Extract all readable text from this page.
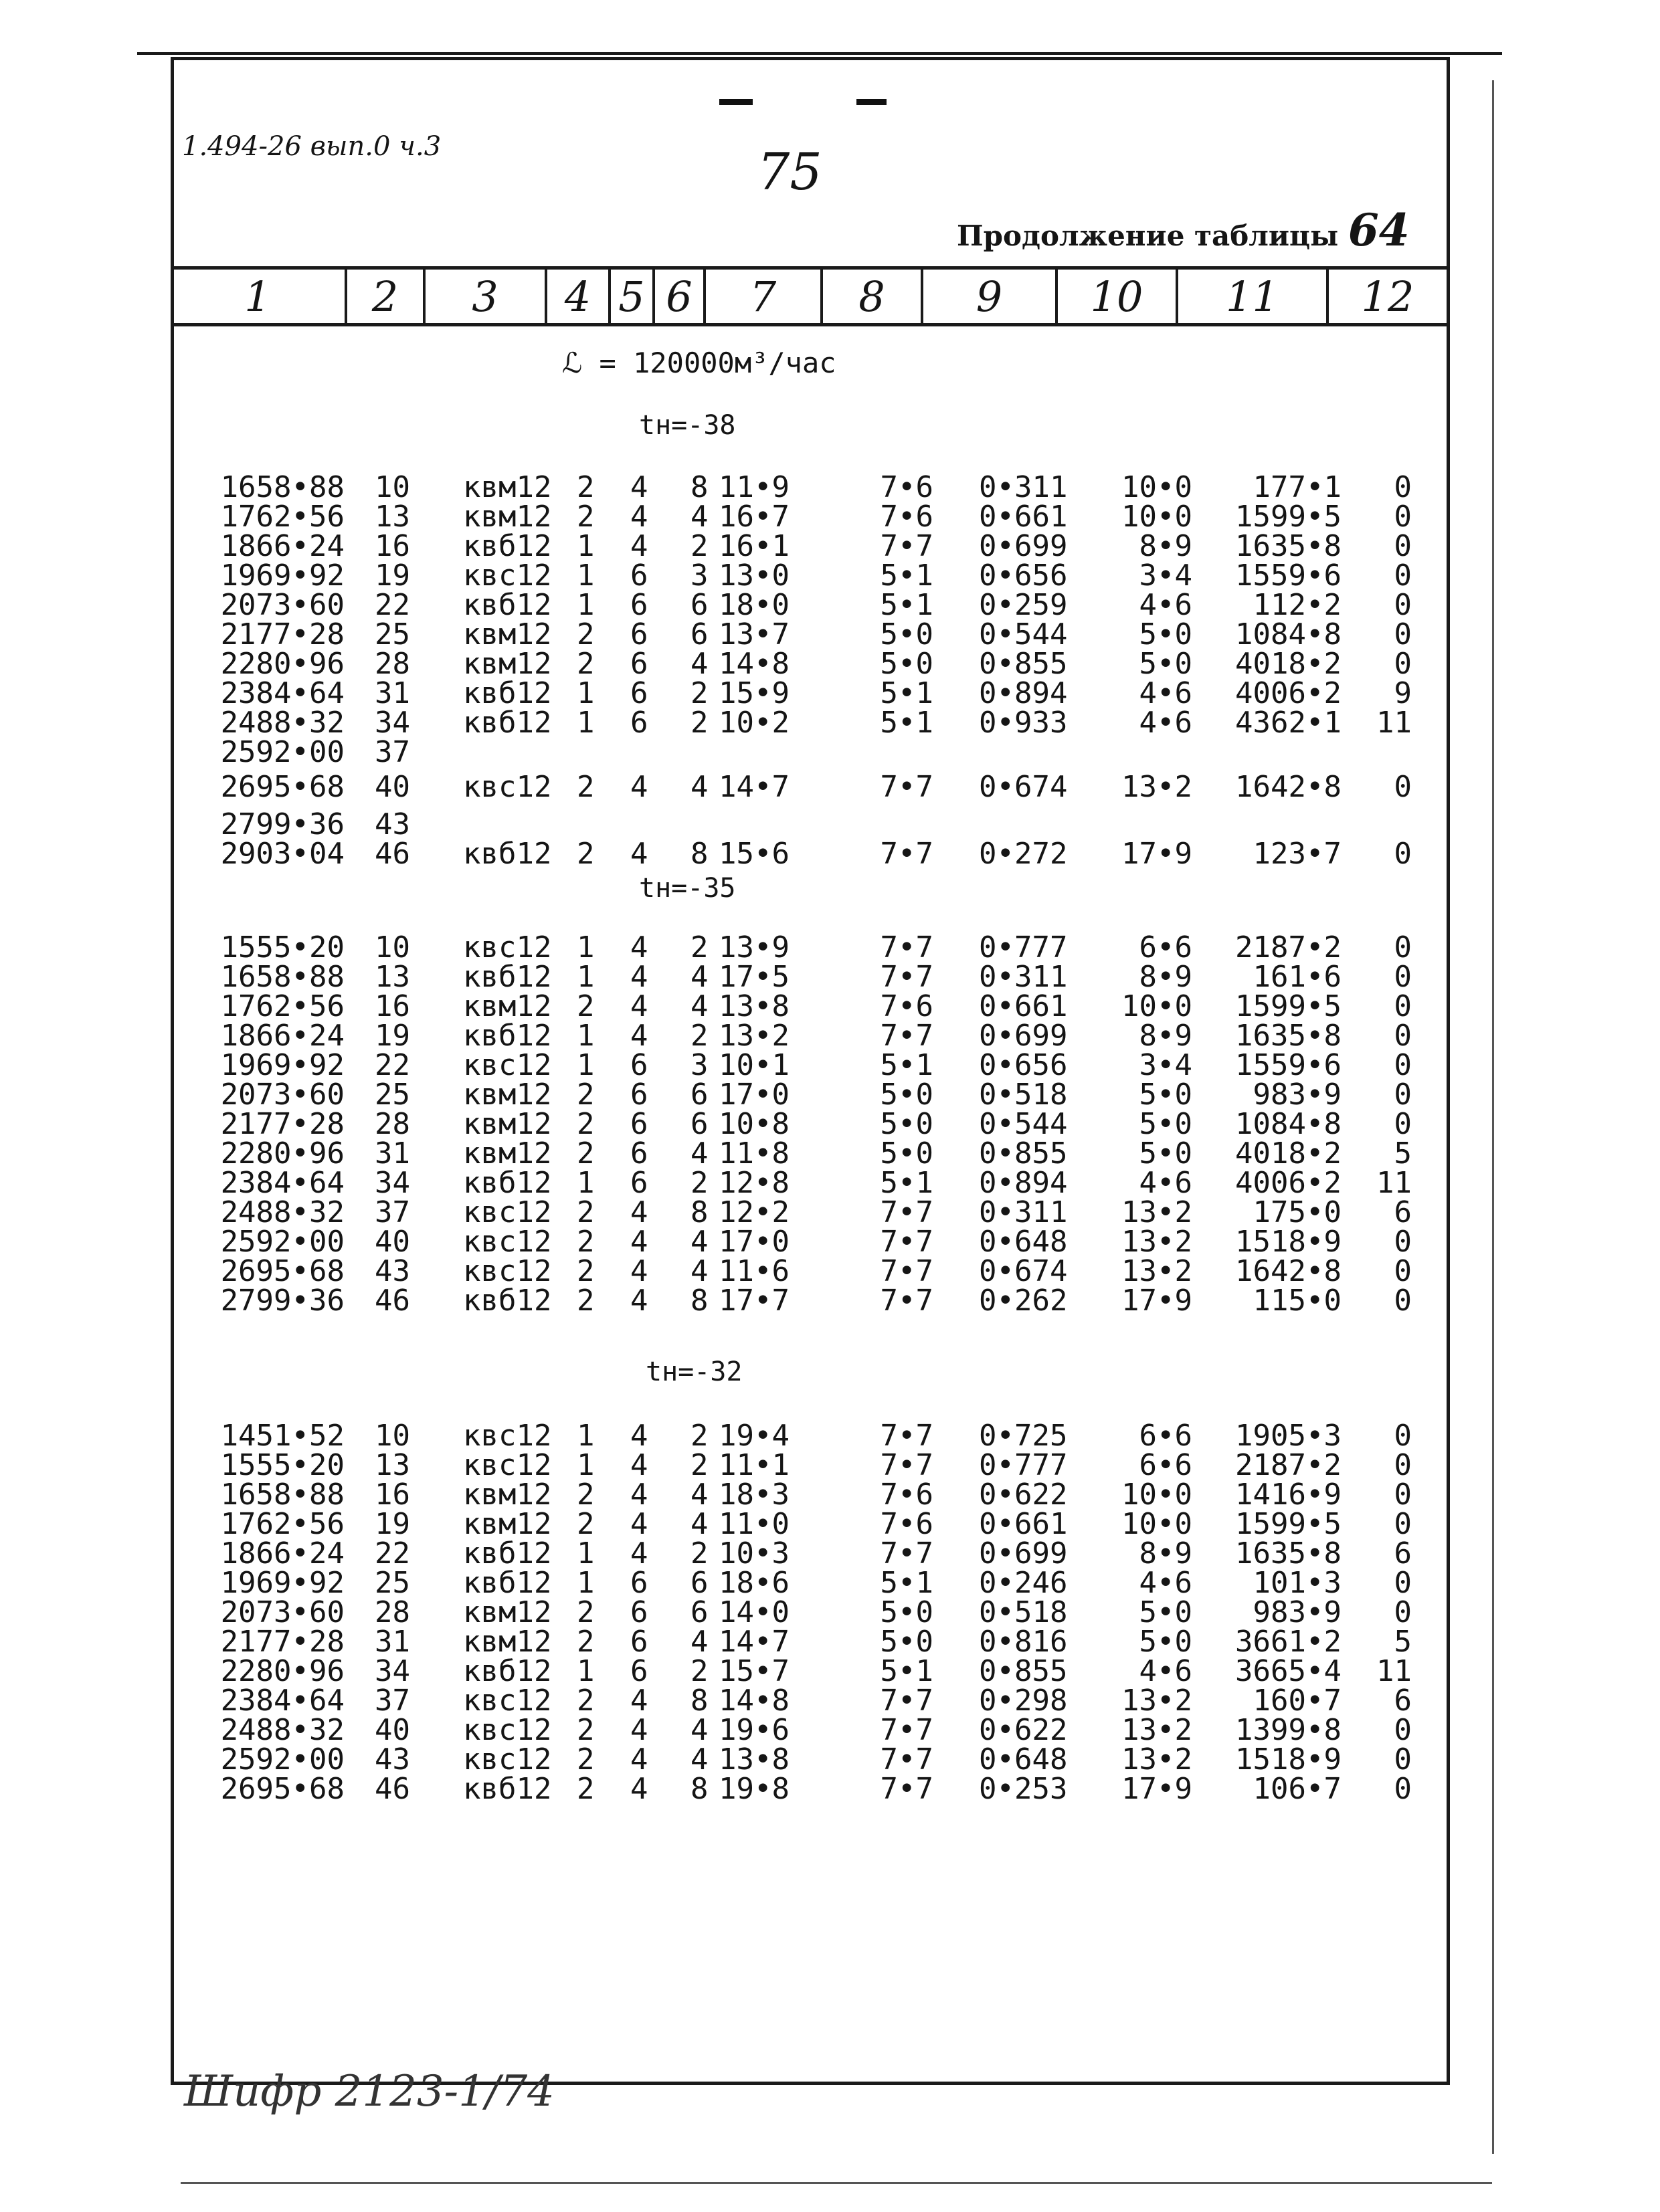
1.494-26 вып.0 ч.3	75
Продолжение таблицы 64
1	2	3	4 5 6	7	8	9	10	11	12
ℒ = 120000м³/час
tн=-38
1658•88 10 квм12 2 4 8 11•9	7•6 0•311 10•0 177•1 0
1762•56 13 квм12 2 4 4 16•7	7•6 0•661 10•0 1599•5 0
1866•24 16 квб12 1 4 2 16•1	7•7 0•699 8•9 1635•8 0
1969•92 19 квс12 1 6 3 13•0	5•1 0•656 3•4 1559•6 0
2073•60 22 квб12 1 6 6 18•0	5•1 0•259 4•6 112•2 0
2177•28 25 квм12 2 6 6 13•7	5•0 0•544 5•0 1084•8 0
2280•96 28 квм12 2 6 4 14•8	5•0 0•855 5•0 4018•2 0
2384•64 31 квб12 1 6 2 15•9	5•1 0•894 4•6 4006•2 9
2488•32 34 квб12 1 6 2 10•2	5•1 0•933 4•6 4362•1 11
2592•00 37
2695•68 40 квс12 2 4 4 14•7	7•7 0•674 13•2 1642•8 0
2799•36 43
2903•04 46 квб12 2 4 8 15•6	7•7 0•272 17•9 123•7 0
tн=-35
1555•20 10 квс12 1 4 2 13•9	7•7 0•777 6•6 2187•2 0
1658•88 13 квб12 1 4 4 17•5	7•7 0•311 8•9 161•6 0
1762•56 16 квм12 2 4 4 13•8	7•6 0•661 10•0 1599•5 0
1866•24 19 квб12 1 4 2 13•2	7•7 0•699 8•9 1635•8 0
1969•92 22 квс12 1 6 3 10•1	5•1 0•656 3•4 1559•6 0
2073•60 25 квм12 2 6 6 17•0	5•0 0•518 5•0 983•9 0
2177•28 28 квм12 2 6 6 10•8	5•0 0•544 5•0 1084•8 0
2280•96 31 квм12 2 6 4 11•8	5•0 0•855 5•0 4018•2 5
2384•64 34 квб12 1 6 2 12•8	5•1 0•894 4•6 4006•2 11
2488•32 37 квс12 2 4 8 12•2	7•7 0•311 13•2 175•0 6
2592•00 40 квс12 2 4 4 17•0	7•7 0•648 13•2 1518•9 0
2695•68 43 квс12 2 4 4 11•6	7•7 0•674 13•2 1642•8 0
2799•36 46 квб12 2 4 8 17•7	7•7 0•262 17•9 115•0 0
tн=-32
1451•52 10 квс12 1 4 2 19•4	7•7 0•725 6•6 1905•3 0
1555•20 13 квс12 1 4 2 11•1	7•7 0•777 6•6 2187•2 0
1658•88 16 квм12 2 4 4 18•3	7•6 0•622 10•0 1416•9 0
1762•56 19 квм12 2 4 4 11•0	7•6 0•661 10•0 1599•5 0
1866•24 22 квб12 1 4 2 10•3	7•7 0•699 8•9 1635•8 6
1969•92 25 квб12 1 6 6 18•6	5•1 0•246 4•6 101•3 0
2073•60 28 квм12 2 6 6 14•0	5•0 0•518 5•0 983•9 0
2177•28 31 квм12 2 6 4 14•7	5•0 0•816 5•0 3661•2 5
2280•96 34 квб12 1 6 2 15•7	5•1 0•855 4•6 3665•4 11
2384•64 37 квс12 2 4 8 14•8	7•7 0•298 13•2 160•7 6
2488•32 40 квс12 2 4 4 19•6	7•7 0•622 13•2 1399•8 0
2592•00 43 квс12 2 4 4 13•8	7•7 0•648 13•2 1518•9 0
2695•68 46 квб12 2 4 8 19•8	7•7 0•253 17•9 106•7 0
Шифр 2123-1/74
